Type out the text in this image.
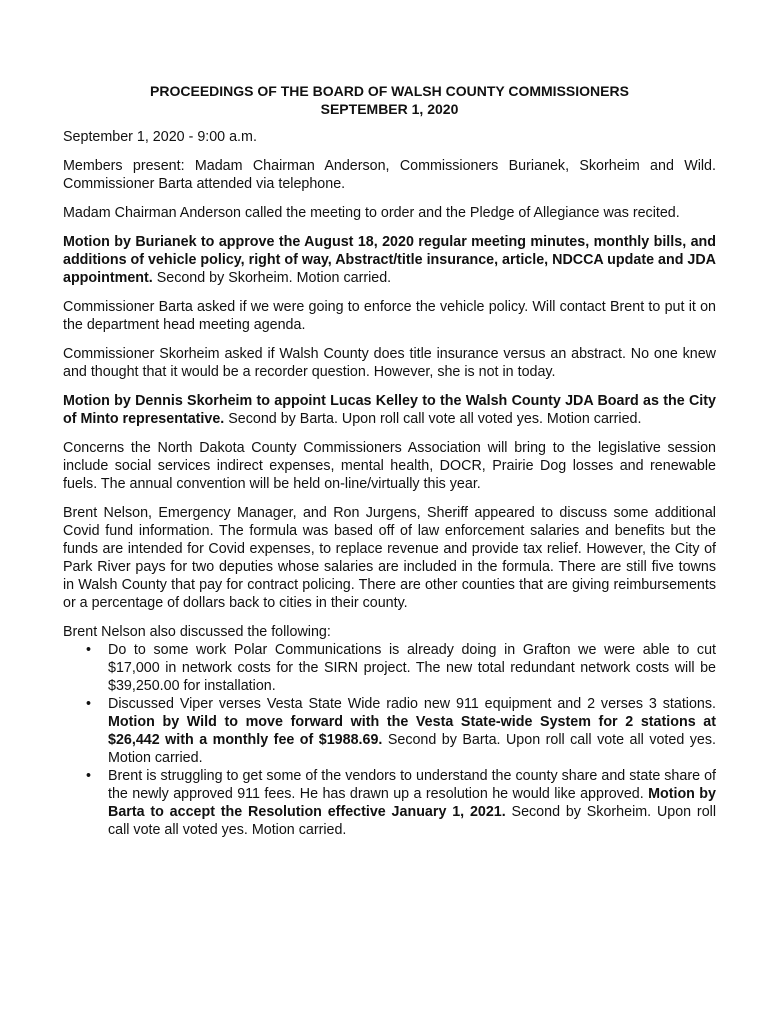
PROCEEDINGS OF THE BOARD OF WALSH COUNTY COMMISSIONERS

SEPTEMBER 1, 2020

September 1, 2020 - 9:00 a.m.

Members present: Madam Chairman Anderson, Commissioners Burianek, Skorheim and Wild. Commissioner Barta attended via telephone.

Madam Chairman Anderson called the meeting to order and the Pledge of Allegiance was recited.

Motion by Burianek to approve the August 18, 2020 regular meeting minutes, monthly bills, and additions of vehicle policy, right of way, Abstract/title insurance, article, NDCCA update and JDA appointment. Second by Skorheim. Motion carried.

Commissioner Barta asked if we were going to enforce the vehicle policy. Will contact Brent to put it on the department head meeting agenda.

Commissioner Skorheim asked if Walsh County does title insurance versus an abstract. No one knew and thought that it would be a recorder question. However, she is not in today.

Motion by Dennis Skorheim to appoint Lucas Kelley to the Walsh County JDA Board as the City of Minto representative. Second by Barta. Upon roll call vote all voted yes. Motion carried.

Concerns the North Dakota County Commissioners Association will bring to the legislative session include social services indirect expenses, mental health, DOCR, Prairie Dog losses and renewable fuels. The annual convention will be held on-line/virtually this year.

Brent Nelson, Emergency Manager, and Ron Jurgens, Sheriff appeared to discuss some additional Covid fund information. The formula was based off of law enforcement salaries and benefits but the funds are intended for Covid expenses, to replace revenue and provide tax relief. However, the City of Park River pays for two deputies whose salaries are included in the formula. There are still five towns in Walsh County that pay for contract policing. There are other counties that are giving reimbursements or a percentage of dollars back to cities in their county.

Brent Nelson also discussed the following:

• Do to some work Polar Communications is already doing in Grafton we were able to cut $17,000 in network costs for the SIRN project. The new total redundant network costs will be $39,250.00 for installation.
• Discussed Viper verses Vesta State Wide radio new 911 equipment and 2 verses 3 stations. Motion by Wild to move forward with the Vesta State-wide System for 2 stations at $26,442 with a monthly fee of $1988.69. Second by Barta. Upon roll call vote all voted yes. Motion carried.
• Brent is struggling to get some of the vendors to understand the county share and state share of the newly approved 911 fees. He has drawn up a resolution he would like approved. Motion by Barta to accept the Resolution effective January 1, 2021. Second by Skorheim. Upon roll call vote all voted yes. Motion carried.
